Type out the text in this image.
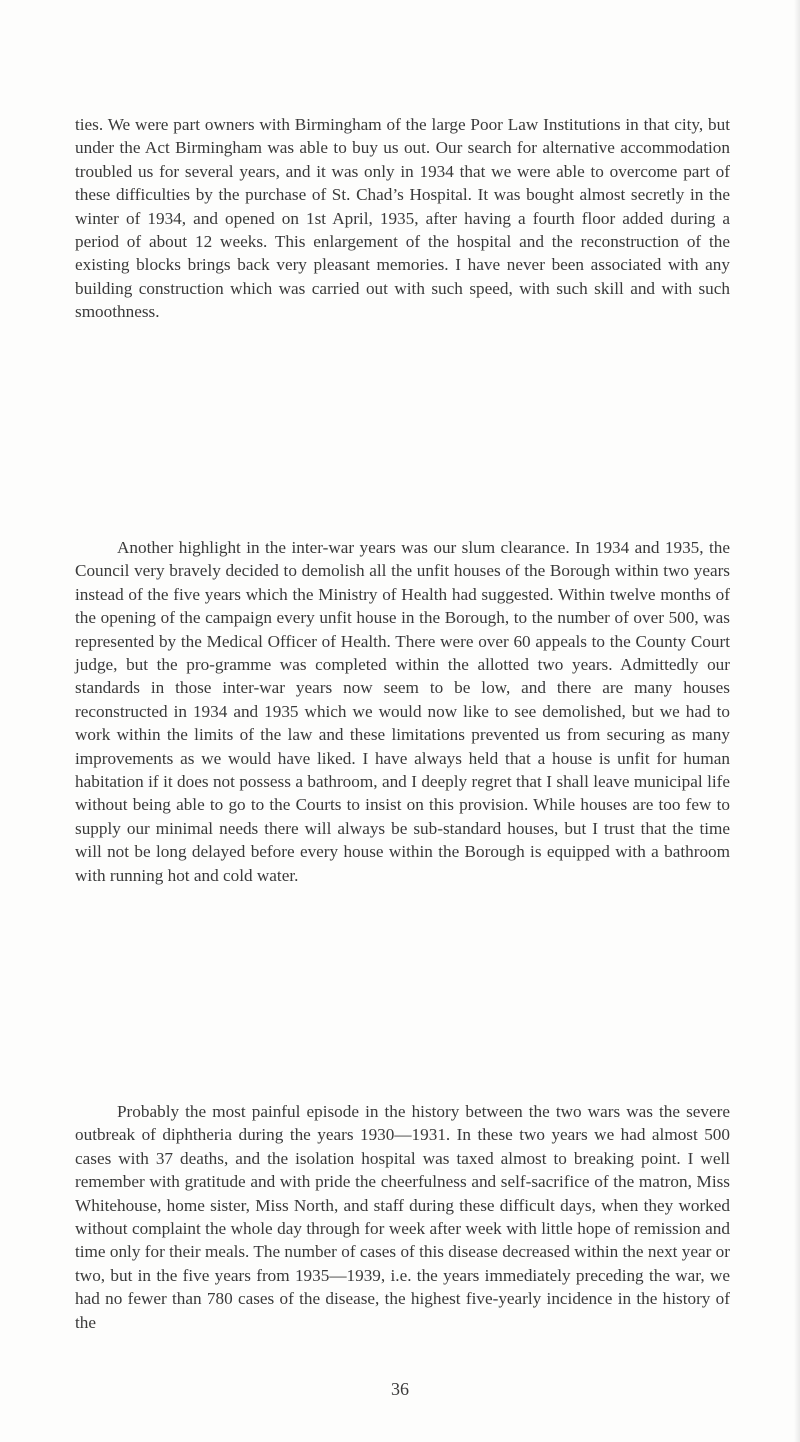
ties. We were part owners with Birmingham of the large Poor Law Institutions in that city, but under the Act Birmingham was able to buy us out. Our search for alternative accommodation troubled us for several years, and it was only in 1934 that we were able to overcome part of these difficulties by the purchase of St. Chad’s Hospital. It was bought almost secretly in the winter of 1934, and opened on 1st April, 1935, after having a fourth floor added during a period of about 12 weeks. This enlargement of the hospital and the reconstruction of the existing blocks brings back very pleasant memories. I have never been associated with any building construction which was carried out with such speed, with such skill and with such smoothness.

Another highlight in the inter-war years was our slum clearance. In 1934 and 1935, the Council very bravely decided to demolish all the unfit houses of the Borough within two years instead of the five years which the Ministry of Health had suggested. Within twelve months of the opening of the campaign every unfit house in the Borough, to the number of over 500, was represented by the Medical Officer of Health. There were over 60 appeals to the County Court judge, but the pro-gramme was completed within the allotted two years. Admittedly our standards in those inter-war years now seem to be low, and there are many houses reconstructed in 1934 and 1935 which we would now like to see demolished, but we had to work within the limits of the law and these limitations prevented us from securing as many improvements as we would have liked. I have always held that a house is unfit for human habitation if it does not possess a bathroom, and I deeply regret that I shall leave municipal life without being able to go to the Courts to insist on this provision. While houses are too few to supply our minimal needs there will always be sub-standard houses, but I trust that the time will not be long delayed before every house within the Borough is equipped with a bathroom with running hot and cold water.

Probably the most painful episode in the history between the two wars was the severe outbreak of diphtheria during the years 1930—1931. In these two years we had almost 500 cases with 37 deaths, and the isolation hospital was taxed almost to breaking point. I well remember with gratitude and with pride the cheerfulness and self-sacrifice of the matron, Miss Whitehouse, home sister, Miss North, and staff during these difficult days, when they worked without complaint the whole day through for week after week with little hope of remission and time only for their meals. The number of cases of this disease decreased within the next year or two, but in the five years from 1935—1939, i.e. the years immediately preceding the war, we had no fewer than 780 cases of the disease, the highest five-yearly incidence in the history of the

36
